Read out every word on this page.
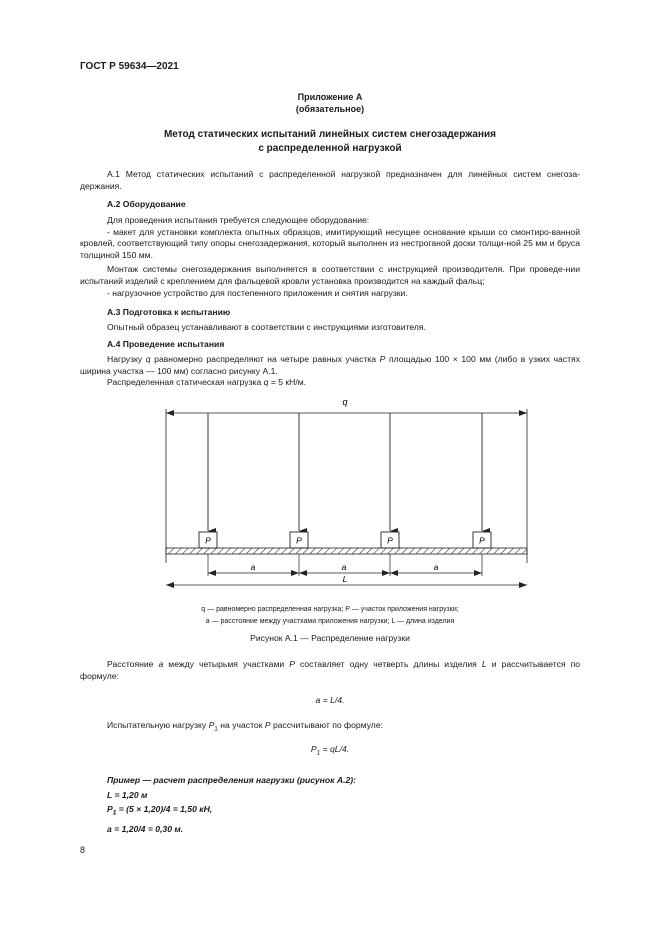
ГОСТ Р 59634—2021
Приложение А
(обязательное)
Метод статических испытаний линейных систем снегозадержания
с распределенной нагрузкой
А.1 Метод статических испытаний с распределенной нагрузкой предназначен для линейных систем снегоза-держания.
А.2 Оборудование

Для проведения испытания требуется следующее оборудование:

- макет для установки комплекта опытных образцов, имитирующий несущее основание крыши со смонтиро-ванной кровлей, соответствующий типу опоры снегозадержания, который выполнен из нестроганой доски толщи-ной 25 мм и бруса толщиной 150 мм.

Монтаж системы снегозадержания выполняется в соответствии с инструкцией производителя. При проведе-нии испытаний изделий с креплением для фальцевой кровли установка производится на каждый фальц;

- нагрузочное устройство для постепенного приложения и снятия нагрузки.

А.3 Подготовка к испытанию
Опытный образец устанавливают в соответствии с инструкциями изготовителя.
А.4 Проведение испытания

Нагрузку q равномерно распределяют на четыре равных участка P площадью 100 × 100 мм (либо в узких частях ширина участка — 100 мм) согласно рисунку А.1.

Распределенная статическая нагрузка q = 5 кН/м.

q
P	P	P	P
a	a	a
L
q — равномерно распределенная нагрузка; P — участок приложения нагрузки;
a — расстояние между участками приложения нагрузки; L — длина изделия
Рисунок А.1 — Распределение нагрузки
Расстояние a между четырьмя участками P составляет одну четверть длины изделия L и рассчитывается по формуле:
a = L/4.
Испытательную нагрузку $P_1$ на участок P рассчитывают по формуле:
$P_1 = qL/4$.
Пример — расчет распределения нагрузки (рисунок А.2):
L = 1,20 м
$P_1 = (5 \times 1,20)/4 = 1,50$ кН,
a = 1,20/4 = 0,30 м.
8
